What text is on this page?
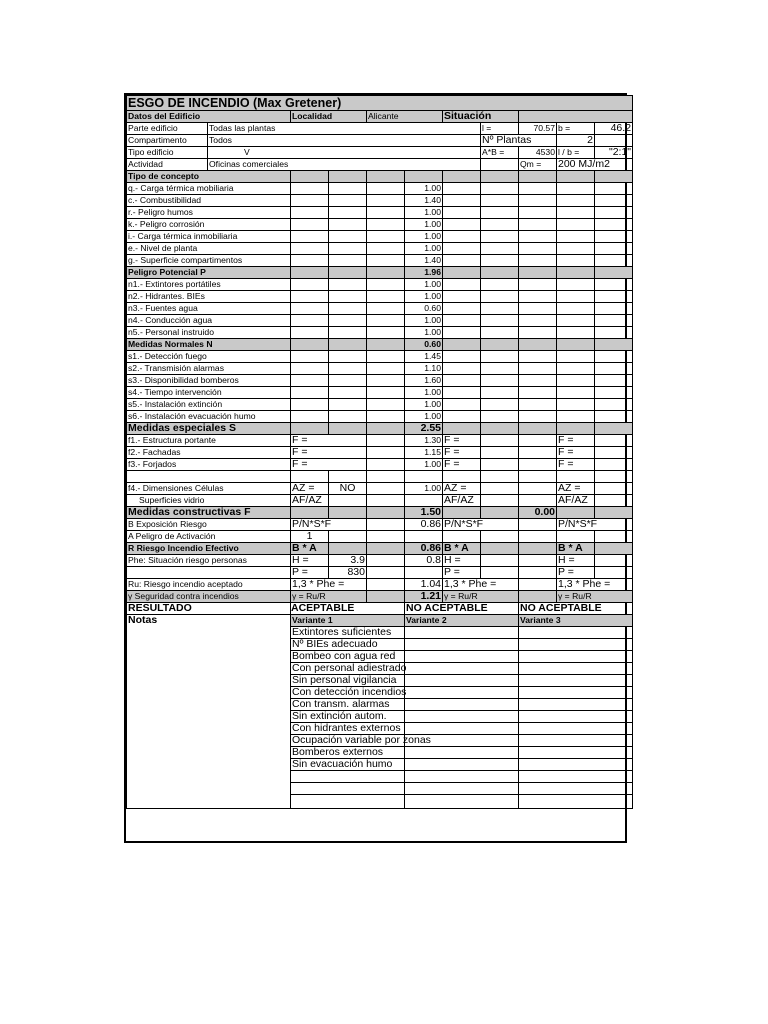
ESGO DE INCENDIO (Max Gretener)										
Datos del Edificio		Localidad		Alicante		Situación				
Parte edificio	Todas las plantas						l =	70.57	b =	46.2
Compartimento	Todos						Nº Plantas		2	
Tipo edificio	V						A*B =	4530	l / b =	"2:1"
Actividad	Oficinas comerciales							Qm =	200 MJ/m2	
Tipo de concepto										
q.- Carga térmica mobiliaria					1.00					
c.- Combustibilidad					1.40					
r.- Peligro humos					1.00					
k.- Peligro corrosión					1.00					
i.- Carga térmica inmobiliaria					1.00					
e.- Nivel de planta					1.00					
g.- Superficie compartimentos					1.40					
Peligro Potencial P					1.96					
n1.- Extintores portátiles					1.00					
n2.- Hidrantes. BIEs					1.00					
n3.- Fuentes agua					0.60					
n4.- Conducción agua					1.00					
n5.- Personal instruido					1.00					
Medidas Normales N					0.60					
s1.- Detección fuego					1.45					
s2.- Transmisión alarmas					1.10					
s3.- Disponibilidad bomberos					1.60					
s4.- Tiempo intervención					1.00					
s5.- Instalación extinción					1.00					
s6.- Instalación evacuación humo					1.00					
Medidas especiales S					2.55					
f1.- Estructura portante		F =			1.30	F =			F =	
f2.- Fachadas		F =			1.15	F =			F =	
f3.- Forjados		F =			1.00	F =			F =	

f4.- Dimensiones Células		AZ =	NO		1.00	AZ =			AZ =	
Superficies vidrio		AF/AZ				AF/AZ			AF/AZ	
Medidas constructivas F					1.50			0.00		
B Exposición Riesgo		P/N*S*F			0.86	P/N*S*F			P/N*S*F	
A Peligro de Activación		1								
R Riesgo Incendio Efectivo		B * A			0.86	B * A			B * A	
Phe: Situación riesgo personas		H =	3.9		0.8	H =			H =	
		P =	830			P =			P =	
Ru: Riesgo incendio aceptado		1,3 * Phe =			1.04	1,3 * Phe =			1,3 * Phe =	
γ Seguridad contra incendios		γ = Ru/R			1.21	γ = Ru/R			γ = Ru/R	
RESULTADO		ACEPTABLE			NO ACEPTABLE			NO ACEPTABLE		
Notas		Variante 1			Variante 2			Variante 3		
		Extintores suficientes								
		Nº BIEs adecuado								
		Bombeo con agua red								
		Con personal adiestrado								
		Sin personal vigilancia								
		Con detección incendios								
		Con transm. alarmas								
		Sin extinción autom.								
		Con hidrantes externos								
		Ocupación variable por zonas								
		Bomberos externos								
		Sin evacuación humo								
